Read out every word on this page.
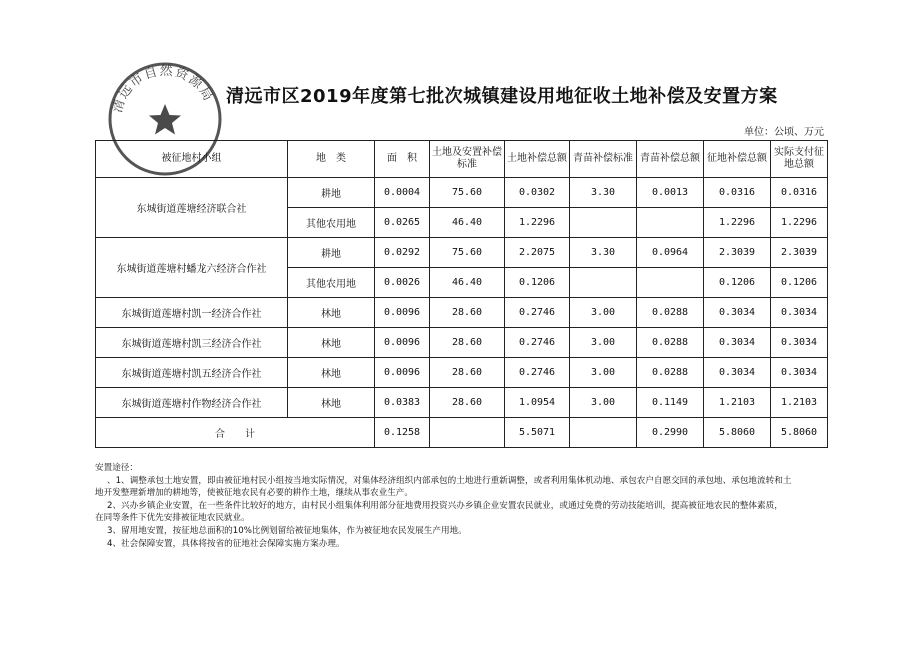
清远市自然资源局 清远市区2019年度第七批次城镇建设用地征收土地补偿及安置方案
单位：公顷、万元
被征地村小组	地　类	面　积	土地及安置补偿标准	土地补偿总额	青苗补偿标准	青苗补偿总额	征地补偿总额	实际支付征地总额
东城街道莲塘经济联合社	耕地	0.0004	75.60	0.0302	3.30	0.0013	0.0316	0.0316
	其他农用地	0.0265	46.40	1.2296			1.2296	1.2296
东城街道莲塘村蟠龙六经济合作社	耕地	0.0292	75.60	2.2075	3.30	0.0964	2.3039	2.3039
	其他农用地	0.0026	46.40	0.1206			0.1206	0.1206
东城街道莲塘村凯一经济合作社	林地	0.0096	28.60	0.2746	3.00	0.0288	0.3034	0.3034
东城街道莲塘村凯三经济合作社	林地	0.0096	28.60	0.2746	3.00	0.0288	0.3034	0.3034
东城街道莲塘村凯五经济合作社	林地	0.0096	28.60	0.2746	3.00	0.0288	0.3034	0.3034
东城街道莲塘村作物经济合作社	林地	0.0383	28.60	1.0954	3.00	0.1149	1.2103	1.2103
合　　计		0.1258		5.5071		0.2990	5.8060	5.8060

安置途径：

、1、调整承包土地安置，即由被征地村民小组按当地实际情况，对集体经济组织内部承包的土地进行重新调整，或者利用集体机动地、承包农户自愿交回的承包地、承包地流转和土

地开发整理新增加的耕地等，使被征地农民有必要的耕作土地，继续从事农业生产。

2、兴办乡镇企业安置，在一些条件比较好的地方，由村民小组集体利用部分征地费用投资兴办乡镇企业安置农民就业，或通过免费的劳动技能培训，提高被征地农民的整体素质，

在同等条件下优先安排被征地农民就业。

3、留用地安置，按征地总面积的10%比例划留给被征地集体，作为被征地农民发展生产用地。

4、社会保障安置，具体将按省的征地社会保障实施方案办理。
